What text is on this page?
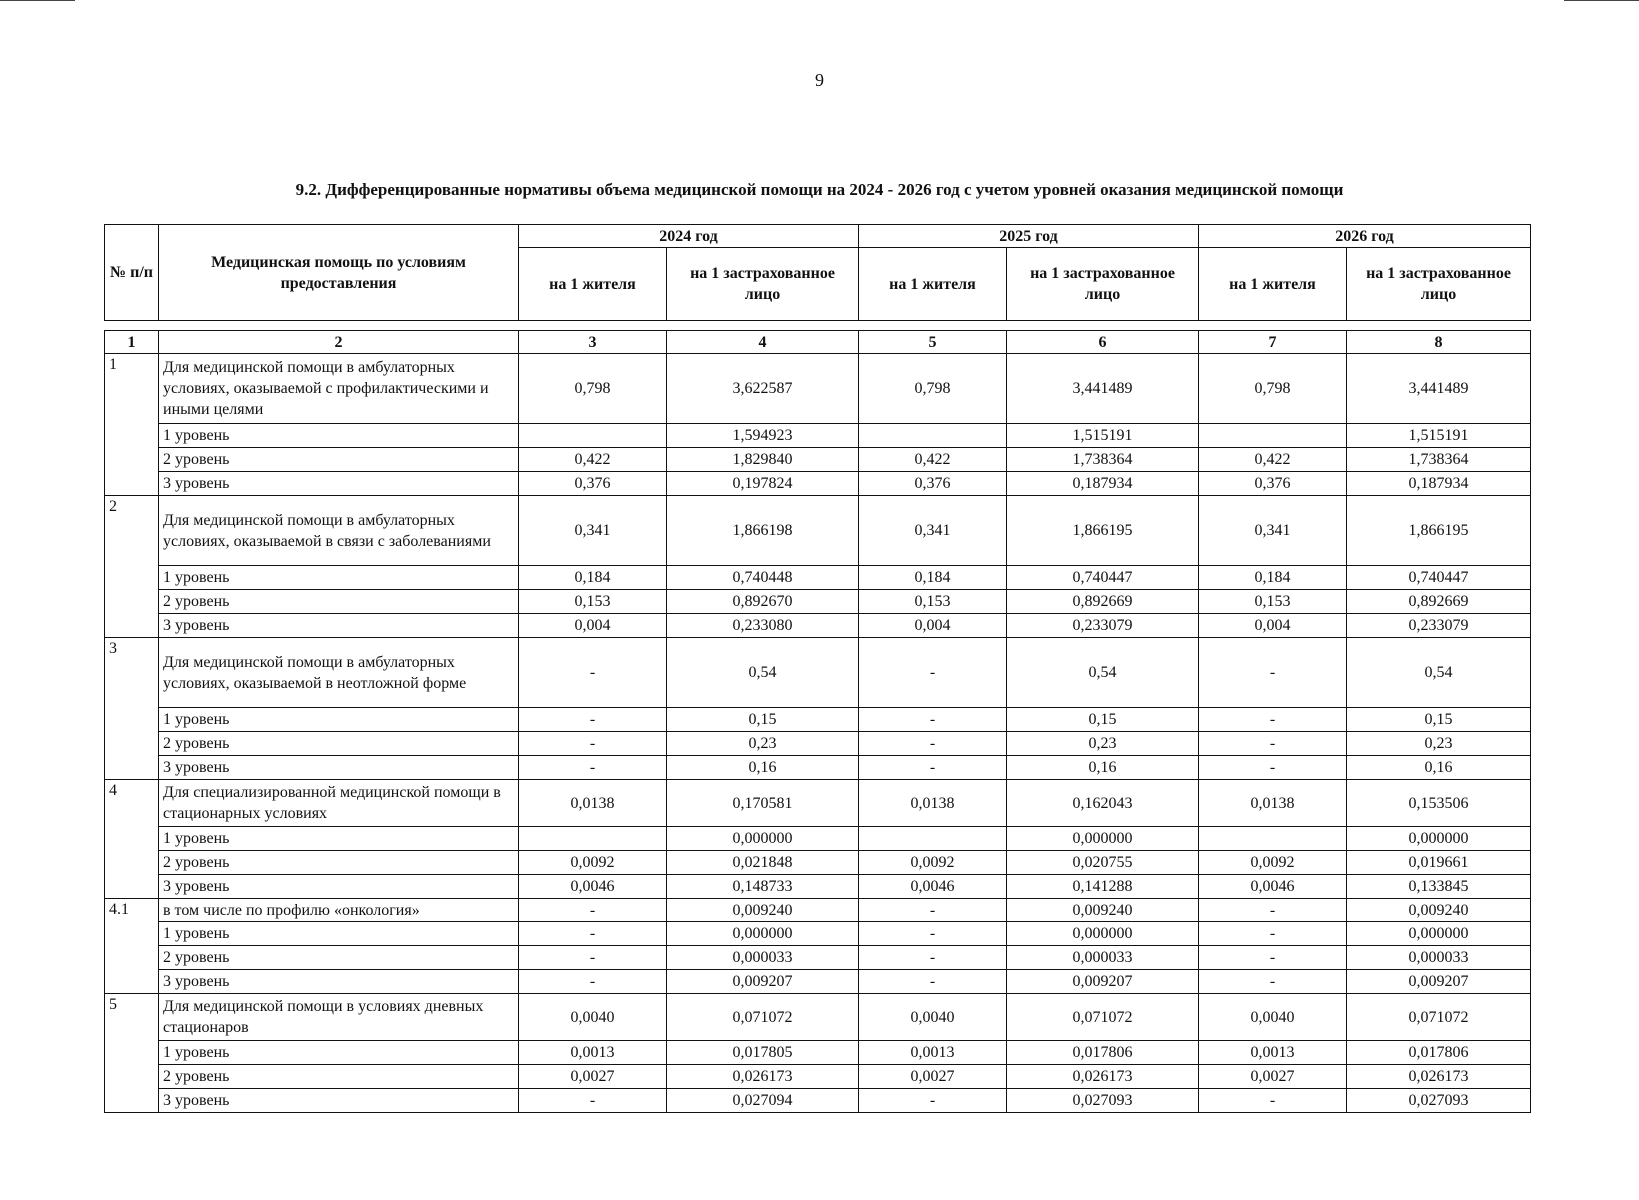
9
9.2. Дифференцированные нормативы объема медицинской помощи на 2024 - 2026 год с учетом уровней оказания медицинской помощи
№ п/п	Медицинская помощь по условиям предоставления	2024 год		2025 год		2026 год	
		на 1 жителя	на 1 застрахованное лицо	на 1 жителя	на 1 застрахованное лицо	на 1 жителя	на 1 застрахованное лицо
1	2	3	4	5	6	7	8
1	Для медицинской помощи в амбулаторных условиях, оказываемой с профилактическими и иными целями	0,798	3,622587	0,798	3,441489	0,798	3,441489
	1 уровень		1,594923		1,515191		1,515191
	2 уровень	0,422	1,829840	0,422	1,738364	0,422	1,738364
	3 уровень	0,376	0,197824	0,376	0,187934	0,376	0,187934
2	Для медицинской помощи в амбулаторных условиях, оказываемой в связи с заболеваниями	0,341	1,866198	0,341	1,866195	0,341	1,866195
	1 уровень	0,184	0,740448	0,184	0,740447	0,184	0,740447
	2 уровень	0,153	0,892670	0,153	0,892669	0,153	0,892669
	3 уровень	0,004	0,233080	0,004	0,233079	0,004	0,233079
3	Для медицинской помощи в амбулаторных условиях, оказываемой в неотложной форме	-	0,54	-	0,54	-	0,54
	1 уровень	-	0,15	-	0,15	-	0,15
	2 уровень	-	0,23	-	0,23	-	0,23
	3 уровень	-	0,16	-	0,16	-	0,16
4	Для специализированной медицинской помощи в стационарных условиях	0,0138	0,170581	0,0138	0,162043	0,0138	0,153506
	1 уровень		0,000000		0,000000		0,000000
	2 уровень	0,0092	0,021848	0,0092	0,020755	0,0092	0,019661
	3 уровень	0,0046	0,148733	0,0046	0,141288	0,0046	0,133845
4.1	в том числе по профилю «онкология»	-	0,009240	-	0,009240	-	0,009240
	1 уровень	-	0,000000	-	0,000000	-	0,000000
	2 уровень	-	0,000033	-	0,000033	-	0,000033
	3 уровень	-	0,009207	-	0,009207	-	0,009207
5	Для медицинской помощи в условиях дневных стационаров	0,0040	0,071072	0,0040	0,071072	0,0040	0,071072
	1 уровень	0,0013	0,017805	0,0013	0,017806	0,0013	0,017806
	2 уровень	0,0027	0,026173	0,0027	0,026173	0,0027	0,026173
	3 уровень	-	0,027094	-	0,027093	-	0,027093
